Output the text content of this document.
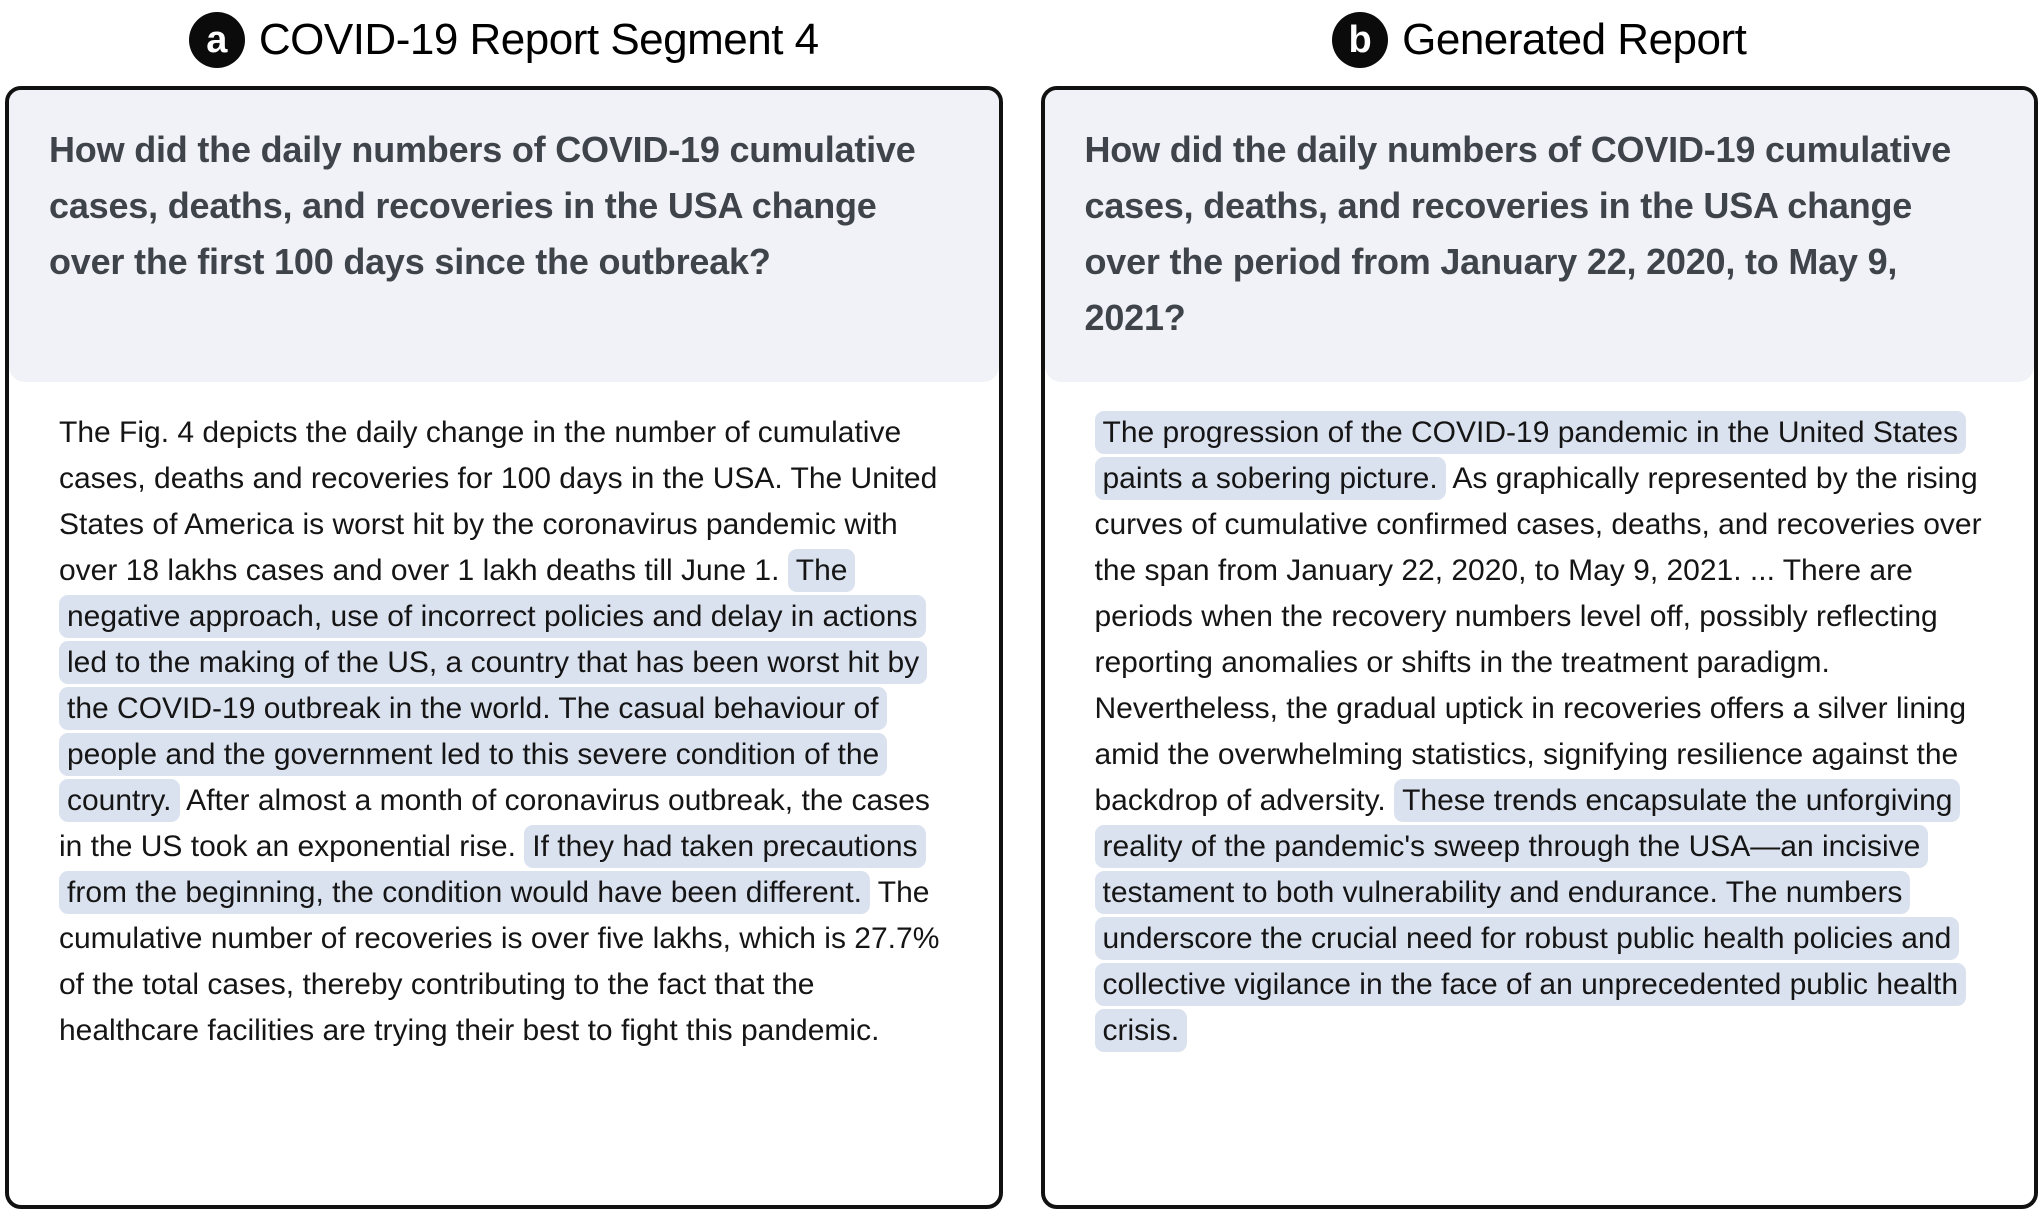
a COVID-19 Report Segment 4

How did the daily numbers of COVID-19 cumulative cases, deaths, and recoveries in the USA change over the first 100 days since the outbreak?

The Fig. 4 depicts the daily change in the number of cumulative cases, deaths and recoveries for 100 days in the USA. The United States of America is worst hit by the coronavirus pandemic with over 18 lakhs cases and over 1 lakh deaths till June 1. The negative approach, use of incorrect policies and delay in actions led to the making of the US, a country that has been worst hit by the COVID-19 outbreak in the world. The casual behaviour of people and the government led to this severe condition of the country. After almost a month of coronavirus outbreak, the cases in the US took an exponential rise. If they had taken precautions from the beginning, the condition would have been different. The cumulative number of recoveries is over five lakhs, which is 27.7% of the total cases, thereby contributing to the fact that the healthcare facilities are trying their best to fight this pandemic.

b Generated Report

How did the daily numbers of COVID-19 cumulative cases, deaths, and recoveries in the USA change over the period from January 22, 2020, to May 9, 2021?

The progression of the COVID-19 pandemic in the United States paints a sobering picture. As graphically represented by the rising curves of cumulative confirmed cases, deaths, and recoveries over the span from January 22, 2020, to May 9, 2021. ... There are periods when the recovery numbers level off, possibly reflecting reporting anomalies or shifts in the treatment paradigm. Nevertheless, the gradual uptick in recoveries offers a silver lining amid the overwhelming statistics, signifying resilience against the backdrop of adversity. These trends encapsulate the unforgiving reality of the pandemic's sweep through the USA—an incisive testament to both vulnerability and endurance. The numbers underscore the crucial need for robust public health policies and collective vigilance in the face of an unprecedented public health crisis.
